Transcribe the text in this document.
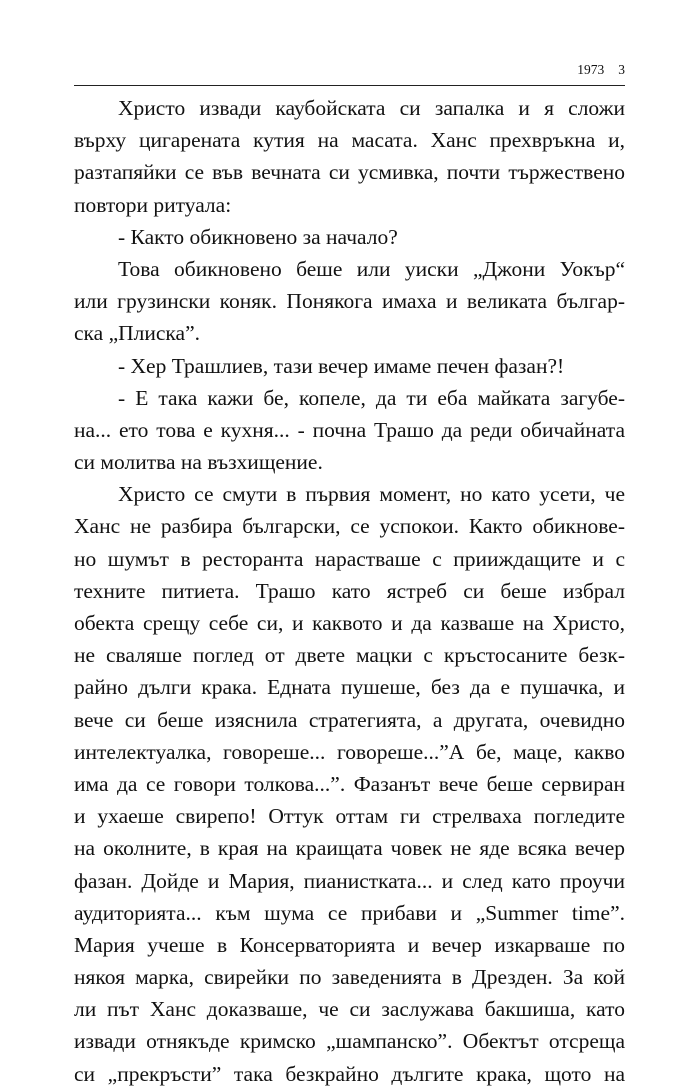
1973 3
Христо извади каубойската си запалка и я сложи
върху цигарената кутия на масата. Ханс прехвръкна и,
разтапяйки се във вечната си усмивка, почти тържествено
повтори ритуала:
- Както обикновено за начало?
Това обикновено беше или уиски „Джони Уокър“
или грузински коняк. Понякога имаха и великата българ-
ска „Плиска”.
- Хер Трашлиев, тази вечер имаме печен фазан?!
- Е така кажи бе, копеле, да ти еба майката загубе-
на... ето това е кухня... - почна Трашо да реди обичайната
си молитва на възхищение.
Христо се смути в първия момент, но като усети, че
Ханс не разбира български, се успокои. Както обикнове-
но шумът в ресторанта нарастваше с прииждащите и с
техните питиета. Трашо като ястреб си беше избрал
обекта срещу себе си, и каквото и да казваше на Христо,
не сваляше поглед от двете мацки с кръстосаните безк-
райно дълги крака. Едната пушеше, без да е пушачка, и
вече си беше изяснила стратегията, а другата, очевидно
интелектуалка, говореше... говореше...”А бе, маце, какво
има да се говори толкова...”. Фазанът вече беше сервиран
и ухаеше свирепо! Оттук оттам ги стрелваха погледите
на околните, в края на краищата човек не яде всяка вечер
фазан. Дойде и Мария, пианистката... и след като проучи
аудиторията... към шума се прибави и „Summer time”.
Мария учеше в Консерваторията и вечер изкарваше по
някоя марка, свирейки по заведенията в Дрезден. За кой
ли път Ханс доказваше, че си заслужава бакшиша, като
извади отнякъде кримско „шампанско”. Обектът отсреща
си „прекръсти” така безкрайно дългите крака, щото на
